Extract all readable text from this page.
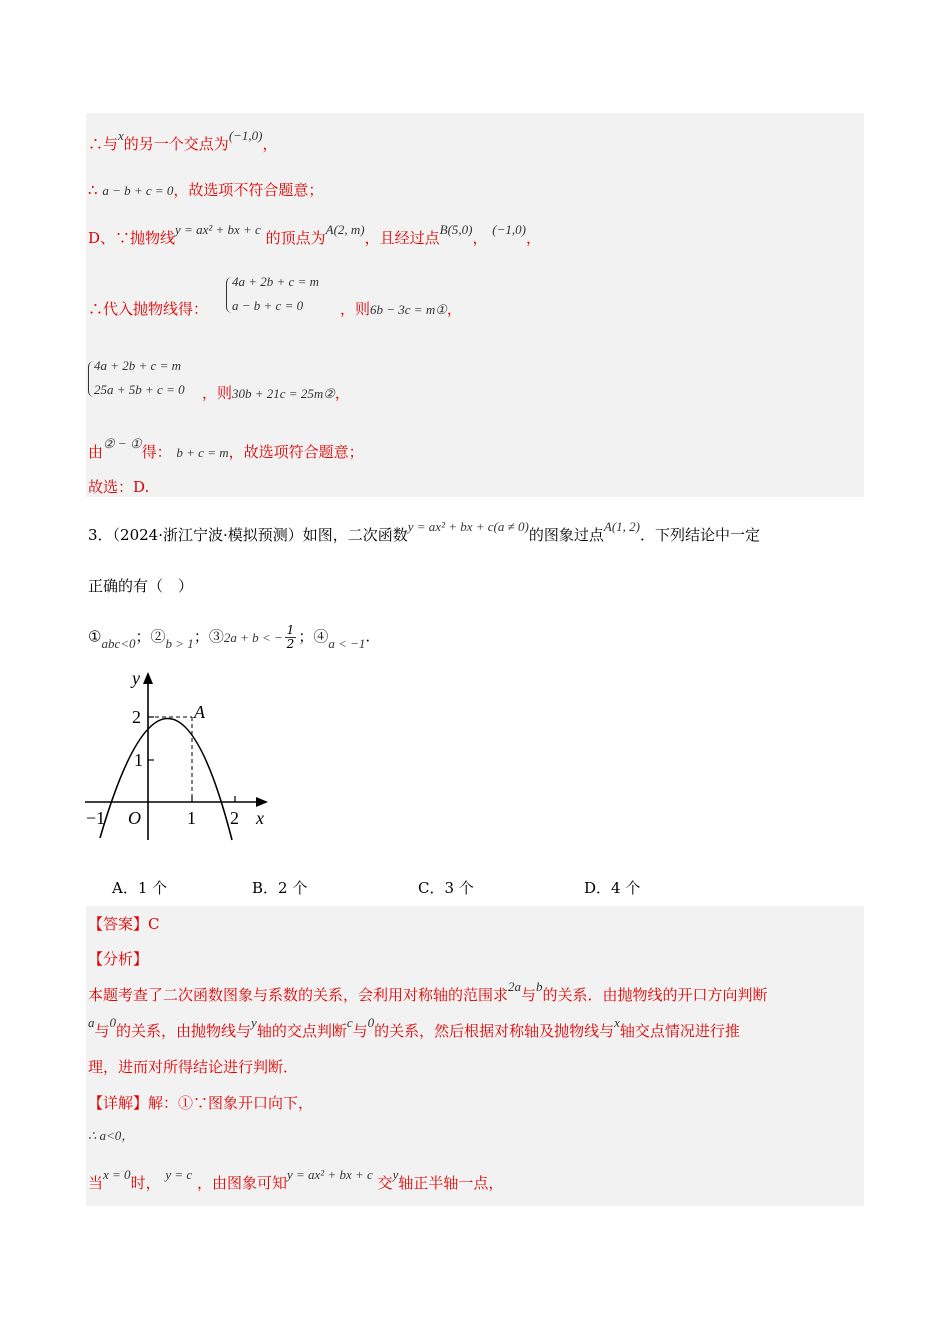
∴与x的另一个交点为(−1,0)，
∴ a − b + c = 0，故选项不符合题意；
D、∵抛物线y = ax² + bx + c 的顶点为A(2, m)，且经过点B(5,0)， (−1,0)，
4a + 2b + c = m
a − b + c = 0
∴代入抛物线得：	，则6b − 3c = m①，
4a + 2b + c = m
25a + 5b + c = 0 ，则30b + 21c = 25m②，
由② − ①得： b + c = m，故选项符合题意；
故选：D.
3．（2024·浙江宁波·模拟预测）如图，二次函数y = ax² + bx + c(a ≠ 0)的图象过点A(1, 2)．下列结论中一定
正确的有（　）
①abc<0；②b > 1；③2a + b < − $\frac{1}{2}$ ；④a < −1.
y
x
O
A
2
1
−1	1 2
A．1 个	B．2 个	C．3 个	D．4 个
【答案】C
【分析】
本题考查了二次函数图象与系数的关系，会利用对称轴的范围求2a与b的关系．由抛物线的开口方向判断
a与0的关系，由抛物线与y轴的交点判断c与0的关系，然后根据对称轴及抛物线与x轴交点情况进行推
理，进而对所得结论进行判断．
【详解】解：①∵图象开口向下，
∴ a<0，
当x = 0时， y = c ，由图象可知y = ax² + bx + c 交y轴正半轴一点，
